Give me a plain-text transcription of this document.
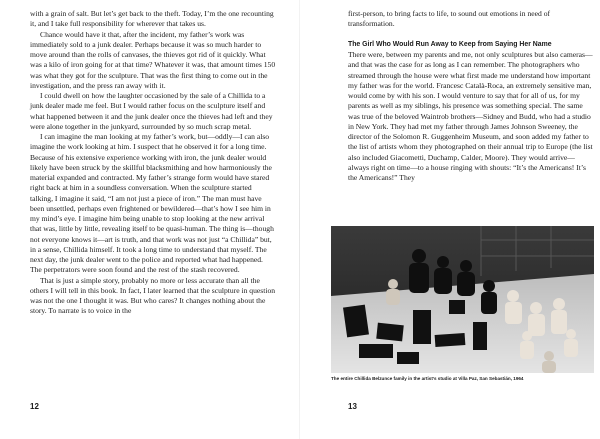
with a grain of salt. But let’s get back to the theft. Today, I’m the one recounting it, and I take full responsibility for wherever that takes us.

Chance would have it that, after the incident, my father’s work was immediately sold to a junk dealer. Perhaps because it was so much harder to move around than the rolls of canvases, the thieves got rid of it quickly. What was a kilo of iron going for at that time? Whatever it was, that amount times 150 was what they got for the sculpture. That was the first thing to come out in the investigation, and the press ran away with it.

I could dwell on how the laughter occasioned by the sale of a Chillida to a junk dealer made me feel. But I would rather focus on the sculpture itself and what happened between it and the junk dealer once the thieves had left and they were alone together in the junkyard, surrounded by so much scrap metal.

I can imagine the man looking at my father’s work, but—oddly—I can also imagine the work looking at him. I suspect that he observed it for a long time. Because of his extensive experience working with iron, the junk dealer would likely have been struck by the skillful blacksmithing and how harmoniously the material expanded and contracted. My father’s strange form would have stared right back at him in a soundless conversation. When the sculpture started talking, I imagine it said, “I am not just a piece of iron.” The man must have been unsettled, perhaps even frightened or bewildered—that’s how I see him in my mind’s eye. I imagine him being unable to stop looking at the new arrival that was, little by little, revealing itself to be quasi-human. The thing is—though not everyone knows it—art is truth, and that work was not just “a Chillida” but, in a sense, Chillida himself. It took a long time to understand that myself. The next day, the junk dealer went to the police and reported what had happened. The perpetrators were soon found and the rest of the stash recovered.

That is just a simple story, probably no more or less accurate than all the others I will tell in this book. In fact, I later learned that the sculpture in question was not the one I thought it was. But who cares? It changes nothing about the story. To narrate is to voice in the

12

first-person, to bring facts to life, to sound out emotions in need of transformation.

The Girl Who Would Run Away to Keep from Saying Her Name

There were, between my parents and me, not only sculptures but also cameras—and that was the case for as long as I can remember. The photographers who streamed through the house were what first made me understand how important my father was for the world. Francesc Català-Roca, an extremely sensitive man, would come by with his son. I would venture to say that for all of us, for my parents as well as my siblings, his presence was something special. The same was true of the beloved Waintrob brothers—Sidney and Budd, who had a studio in New York. They had met my father through James Johnson Sweeney, the director of the Solomon R. Guggenheim Museum, and soon added my father to the list of artists whom they photographed on their annual trip to Europe (the list also included Giacometti, Duchamp, Calder, Moore). They would arrive—always right on time—to a house ringing with shouts: “It’s the Americans! It’s the Americans!” They

13
The entire Chillida Belzunce family in the artist’s studio at Villa Paz, San Sebastián, 1964
